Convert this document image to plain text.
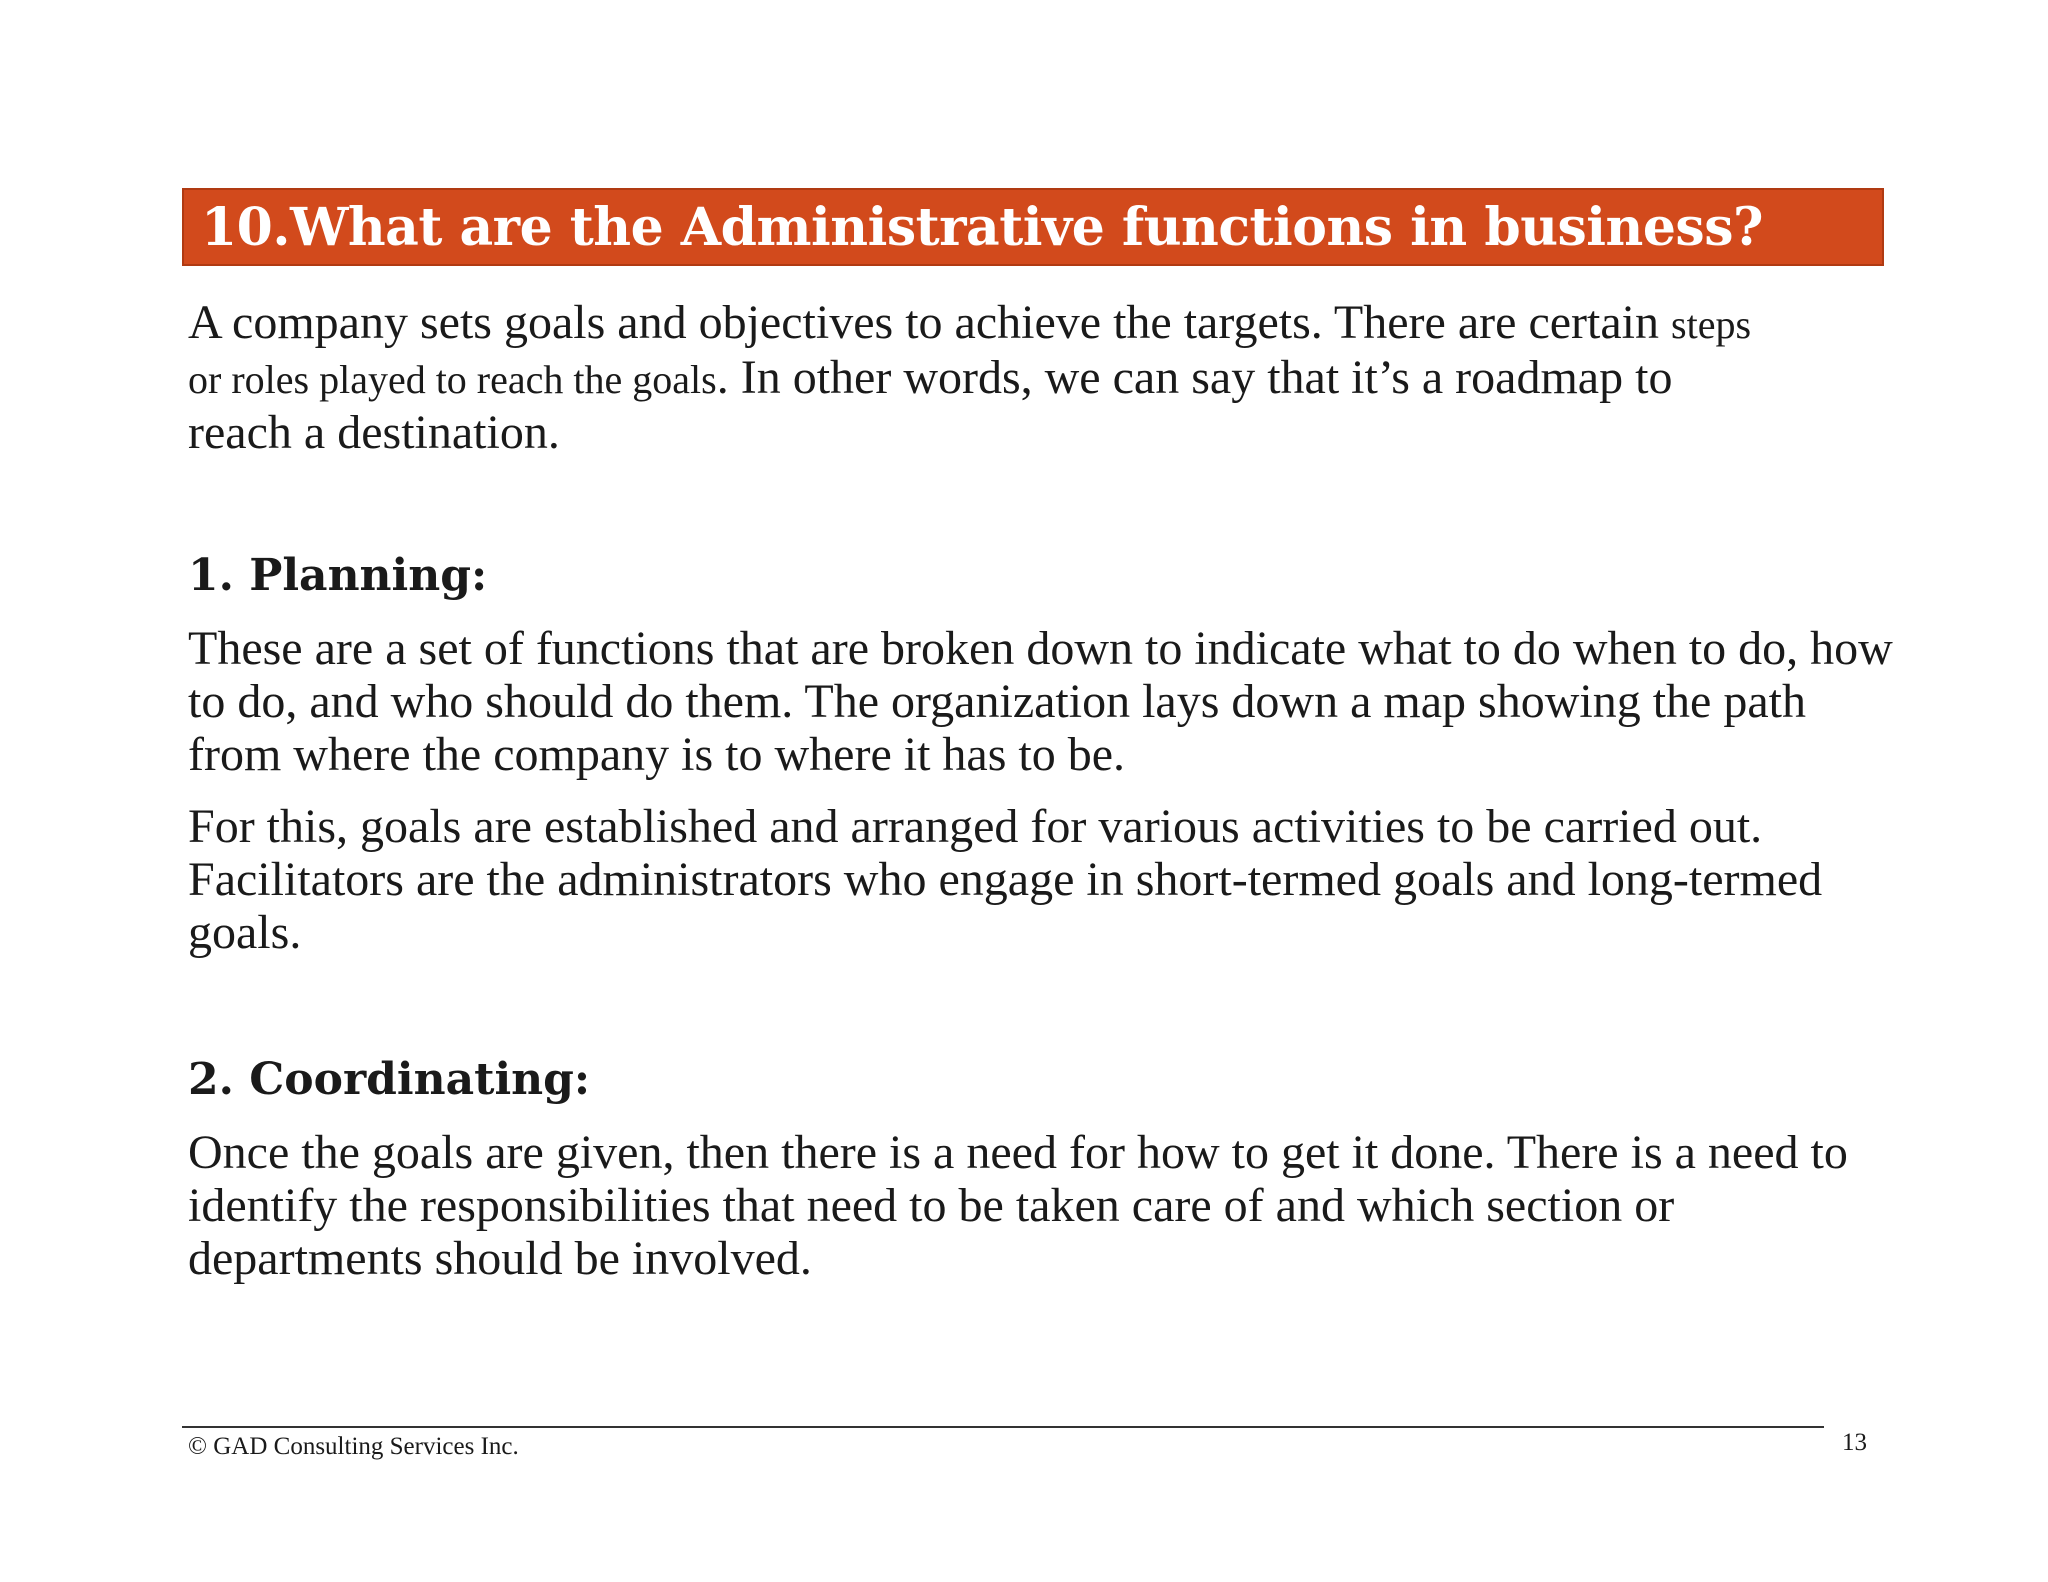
10.What are the Administrative functions in business?
A company sets goals and objectives to achieve the targets. There are certain steps
or roles played to reach the goals. In other words, we can say that it’s a roadmap to
reach a destination.
1. Planning:

These are a set of functions that are broken down to indicate what to do when to do, how to do, and who should do them. The organization lays down a map showing the path from where the company is to where it has to be.

For this, goals are established and arranged for various activities to be carried out. Facilitators are the administrators who engage in short-termed goals and long-termed goals.

2. Coordinating:

Once the goals are given, then there is a need for how to get it done. There is a need to identify the responsibilities that need to be taken care of and which section or departments should be involved.

© GAD Consulting Services Inc.	13
